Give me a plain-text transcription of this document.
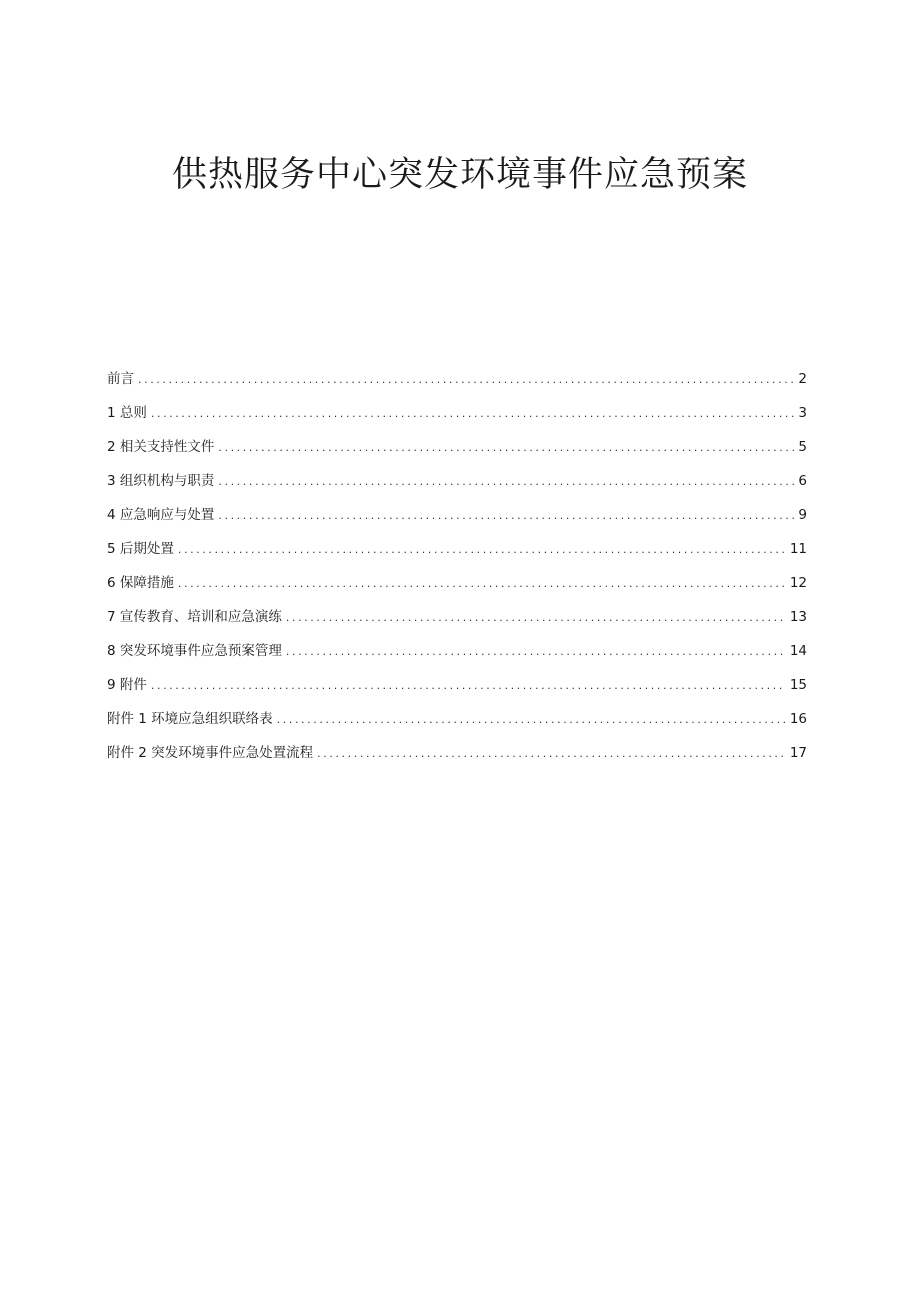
供热服务中心突发环境事件应急预案
前言 .....	2
1 总则 .....	3
2 相关支持性文件 .....	5
3 组织机构与职责 .....	6
4 应急响应与处置 .....	9
5 后期处置 .....	11
6 保障措施 .....	12
7 宣传教育、培训和应急演练 .....	13
8 突发环境事件应急预案管理 .....	14
9 附件 .....	15
附件 1 环境应急组织联络表 .....	16
附件 2 突发环境事件应急处置流程 .....	17
